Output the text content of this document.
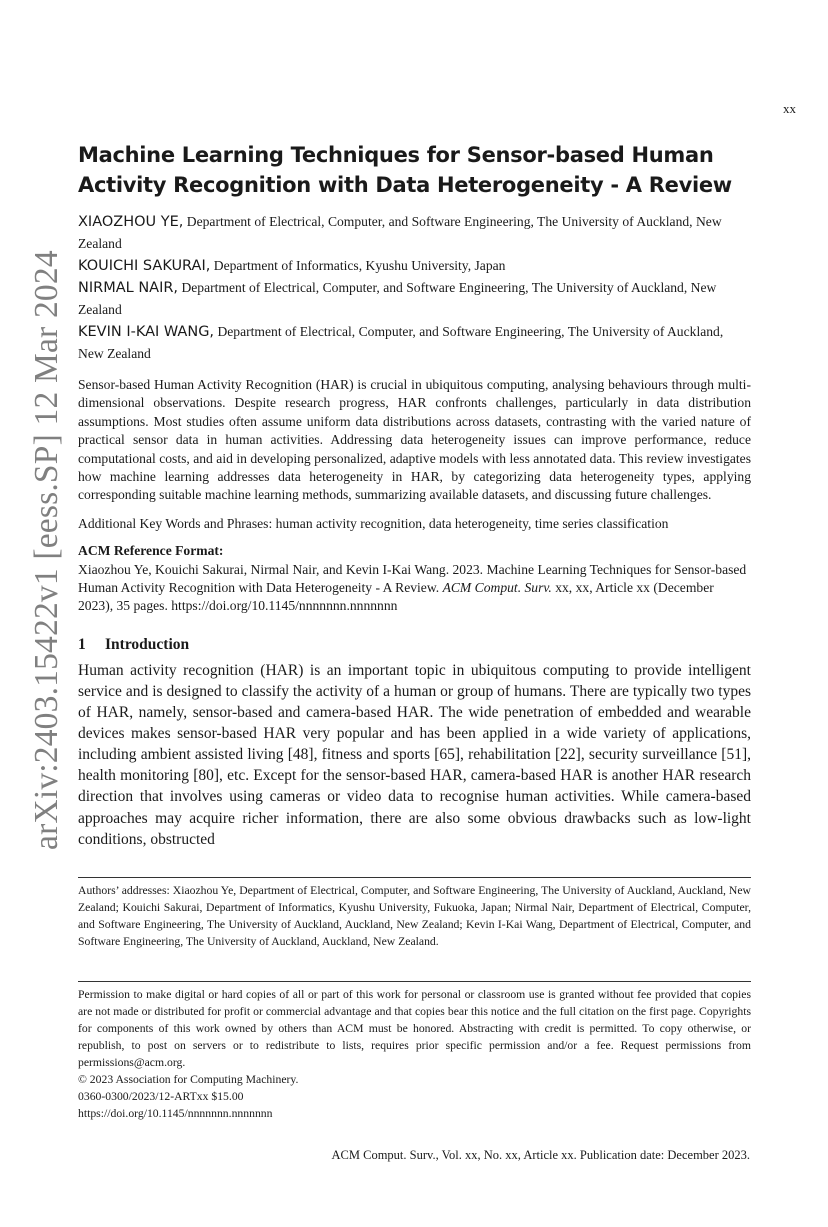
xx
arXiv:2403.15422v1 [eess.SP] 12 Mar 2024
Machine Learning Techniques for Sensor-based Human Activity Recognition with Data Heterogeneity - A Review

XIAOZHOU YE, Department of Electrical, Computer, and Software Engineering, The University of Auckland, New Zealand

KOUICHI SAKURAI, Department of Informatics, Kyushu University, Japan

NIRMAL NAIR, Department of Electrical, Computer, and Software Engineering, The University of Auckland, New Zealand

KEVIN I-KAI WANG, Department of Electrical, Computer, and Software Engineering, The University of Auckland, New Zealand

Sensor-based Human Activity Recognition (HAR) is crucial in ubiquitous computing, analysing behaviours through multi-dimensional observations. Despite research progress, HAR confronts challenges, particularly in data distribution assumptions. Most studies often assume uniform data distributions across datasets, contrasting with the varied nature of practical sensor data in human activities. Addressing data heterogeneity issues can improve performance, reduce computational costs, and aid in developing personalized, adaptive models with less annotated data. This review investigates how machine learning addresses data heterogeneity in HAR, by categorizing data heterogeneity types, applying corresponding suitable machine learning methods, summarizing available datasets, and discussing future challenges.

Additional Key Words and Phrases: human activity recognition, data heterogeneity, time series classification

ACM Reference Format:

Xiaozhou Ye, Kouichi Sakurai, Nirmal Nair, and Kevin I-Kai Wang. 2023. Machine Learning Techniques for Sensor-based Human Activity Recognition with Data Heterogeneity - A Review. ACM Comput. Surv. xx, xx, Article xx (December 2023), 35 pages. https://doi.org/10.1145/nnnnnnn.nnnnnnn

1 Introduction

Human activity recognition (HAR) is an important topic in ubiquitous computing to provide intelligent service and is designed to classify the activity of a human or group of humans. There are typically two types of HAR, namely, sensor-based and camera-based HAR. The wide penetration of embedded and wearable devices makes sensor-based HAR very popular and has been applied in a wide variety of applications, including ambient assisted living [48], fitness and sports [65], rehabilitation [22], security surveillance [51], health monitoring [80], etc. Except for the sensor-based HAR, camera-based HAR is another HAR research direction that involves using cameras or video data to recognise human activities. While camera-based approaches may acquire richer information, there are also some obvious drawbacks such as low-light conditions, obstructed

Authors’ addresses: Xiaozhou Ye, Department of Electrical, Computer, and Software Engineering, The University of Auckland, Auckland, New Zealand; Kouichi Sakurai, Department of Informatics, Kyushu University, Fukuoka, Japan; Nirmal Nair, Department of Electrical, Computer, and Software Engineering, The University of Auckland, Auckland, New Zealand; Kevin I-Kai Wang, Department of Electrical, Computer, and Software Engineering, The University of Auckland, Auckland, New Zealand.

Permission to make digital or hard copies of all or part of this work for personal or classroom use is granted without fee provided that copies are not made or distributed for profit or commercial advantage and that copies bear this notice and the full citation on the first page. Copyrights for components of this work owned by others than ACM must be honored. Abstracting with credit is permitted. To copy otherwise, or republish, to post on servers or to redistribute to lists, requires prior specific permission and/or a fee. Request permissions from permissions@acm.org.

© 2023 Association for Computing Machinery.

0360-0300/2023/12-ARTxx $15.00

https://doi.org/10.1145/nnnnnnn.nnnnnnn

ACM Comput. Surv., Vol. xx, No. xx, Article xx. Publication date: December 2023.
